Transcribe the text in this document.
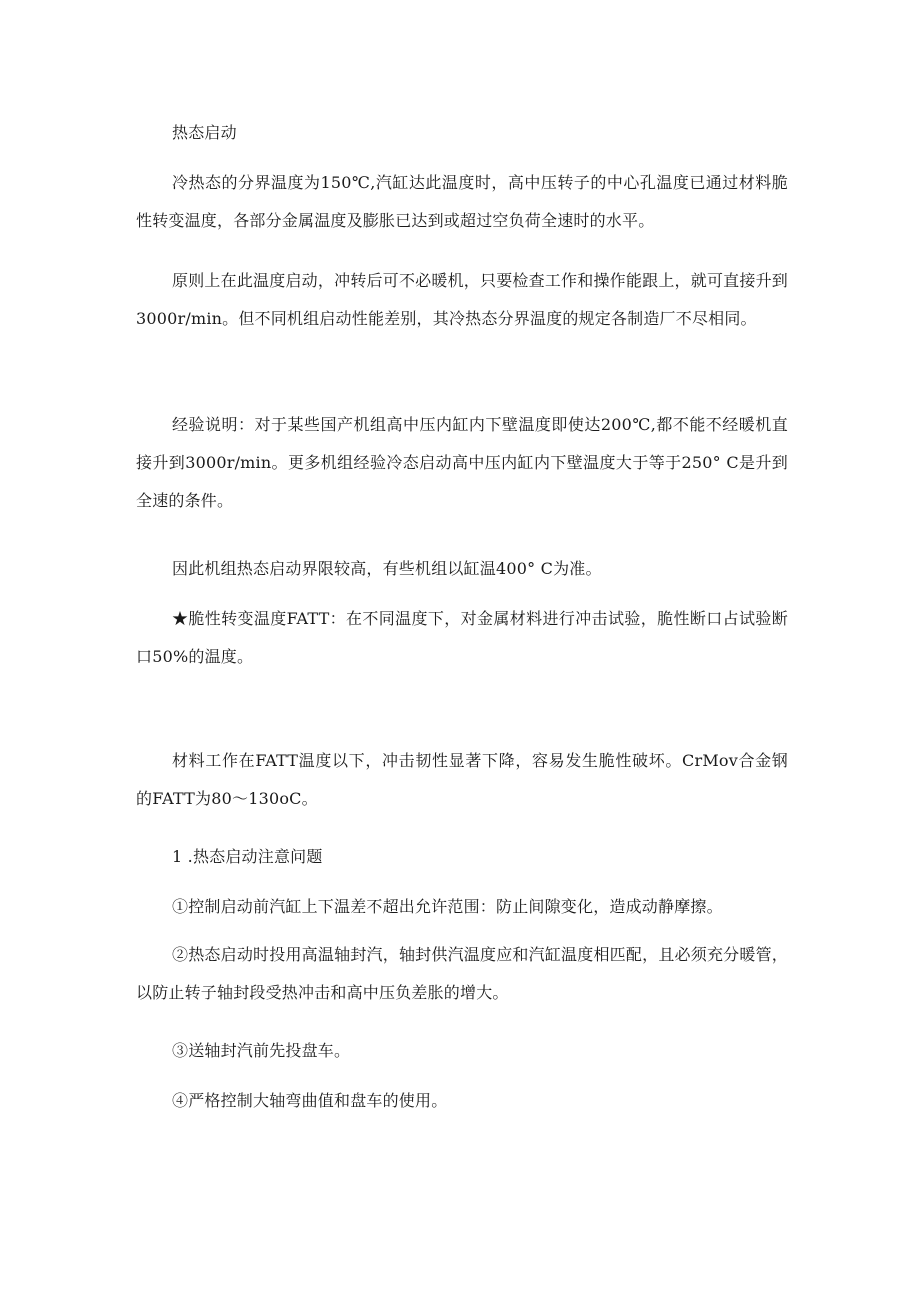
热态启动

冷热态的分界温度为150℃,汽缸达此温度时，高中压转子的中心孔温度已通过材料脆性转变温度，各部分金属温度及膨胀已达到或超过空负荷全速时的水平。

原则上在此温度启动，冲转后可不必暖机，只要检查工作和操作能跟上，就可直接升到3000r/min。但不同机组启动性能差别，其冷热态分界温度的规定各制造厂不尽相同。

经验说明：对于某些国产机组高中压内缸内下壁温度即使达200℃,都不能不经暖机直接升到3000r/min。更多机组经验冷态启动高中压内缸内下壁温度大于等于250° C是升到全速的条件。

因此机组热态启动界限较高，有些机组以缸温400° C为准。

★脆性转变温度FATT：在不同温度下，对金属材料进行冲击试验，脆性断口占试验断口50%的温度。

材料工作在FATT温度以下，冲击韧性显著下降，容易发生脆性破坏。CrMov合金钢的FATT为80～130oC。

1 .热态启动注意问题

①控制启动前汽缸上下温差不超出允许范围：防止间隙变化，造成动静摩擦。

②热态启动时投用高温轴封汽，轴封供汽温度应和汽缸温度相匹配，且必须充分暖管，以防止转子轴封段受热冲击和高中压负差胀的增大。

③送轴封汽前先投盘车。

④严格控制大轴弯曲值和盘车的使用。
